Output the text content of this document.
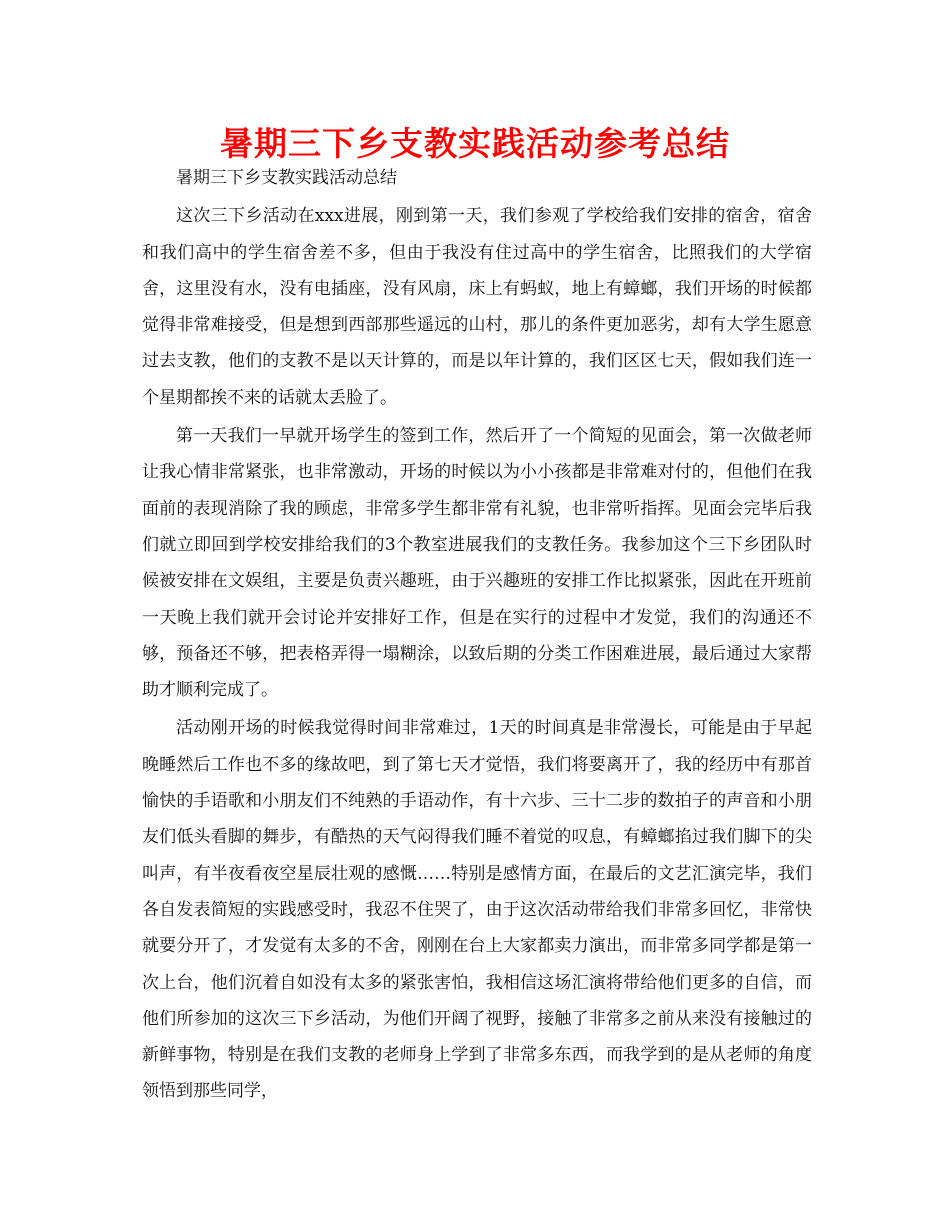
暑期三下乡支教实践活动参考总结

暑期三下乡支教实践活动总结

这次三下乡活动在xxx进展，刚到第一天，我们参观了学校给我们安排的宿舍，宿舍和我们高中的学生宿舍差不多，但由于我没有住过高中的学生宿舍，比照我们的大学宿舍，这里没有水，没有电插座，没有风扇，床上有蚂蚁，地上有蟑螂，我们开场的时候都觉得非常难接受，但是想到西部那些遥远的山村，那儿的条件更加恶劣，却有大学生愿意过去支教，他们的支教不是以天计算的，而是以年计算的，我们区区七天，假如我们连一个星期都挨不来的话就太丢脸了。

第一天我们一早就开场学生的签到工作，然后开了一个简短的见面会，第一次做老师让我心情非常紧张，也非常激动，开场的时候以为小小孩都是非常难对付的，但他们在我面前的表现消除了我的顾虑，非常多学生都非常有礼貌，也非常听指挥。见面会完毕后我们就立即回到学校安排给我们的3个教室进展我们的支教任务。我参加这个三下乡团队时候被安排在文娱组，主要是负责兴趣班，由于兴趣班的安排工作比拟紧张，因此在开班前一天晚上我们就开会讨论并安排好工作，但是在实行的过程中才发觉，我们的沟通还不够，预备还不够，把表格弄得一塌糊涂，以致后期的分类工作困难进展，最后通过大家帮助才顺利完成了。

活动刚开场的时候我觉得时间非常难过，1天的时间真是非常漫长，可能是由于早起晚睡然后工作也不多的缘故吧，到了第七天才觉悟，我们将要离开了，我的经历中有那首愉快的手语歌和小朋友们不纯熟的手语动作，有十六步、三十二步的数拍子的声音和小朋友们低头看脚的舞步，有酷热的天气闷得我们睡不着觉的叹息，有蟑螂掐过我们脚下的尖叫声，有半夜看夜空星辰壮观的感慨……特别是感情方面，在最后的文艺汇演完毕，我们各自发表简短的实践感受时，我忍不住哭了，由于这次活动带给我们非常多回忆，非常快就要分开了，才发觉有太多的不舍，刚刚在台上大家都卖力演出，而非常多同学都是第一次上台，他们沉着自如没有太多的紧张害怕，我相信这场汇演将带给他们更多的自信，而他们所参加的这次三下乡活动，为他们开阔了视野，接触了非常多之前从来没有接触过的新鲜事物，特别是在我们支教的老师身上学到了非常多东西，而我学到的是从老师的角度领悟到那些同学，
